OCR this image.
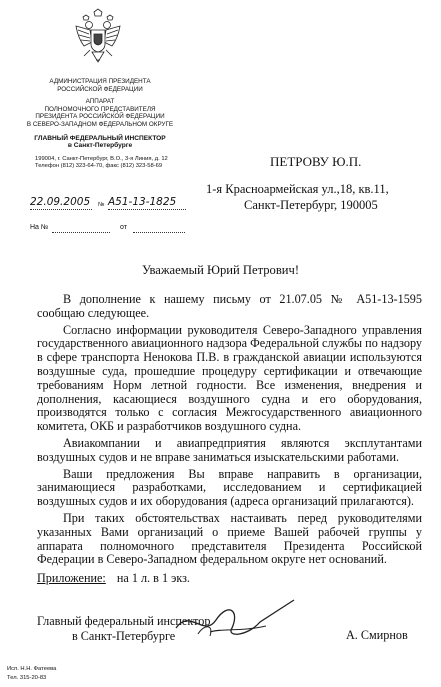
АДМИНИСТРАЦИЯ ПРЕЗИДЕНТА
РОССИЙСКОЙ ФЕДЕРАЦИИ
АППАРАТ
ПОЛНОМОЧНОГО ПРЕДСТАВИТЕЛЯ
ПРЕЗИДЕНТА РОССИЙСКОЙ ФЕДЕРАЦИИ
В СЕВЕРО-ЗАПАДНОМ ФЕДЕРАЛЬНОМ ОКРУГЕ
ГЛАВНЫЙ ФЕДЕРАЛЬНЫЙ ИНСПЕКТОР
в Санкт-Петербурге
199004, г. Санкт-Петербург, В.О., 3-я Линия, д. 12
Телефон (812) 323-64-70, факс (812) 323-58-69
22.09.2005 А51-13-1825
№
На №	от
ПЕТРОВУ Ю.П.
1-я Красноармейская ул.,18, кв.11,
Санкт-Петербург, 190005
Уважаемый Юрий Петрович!

В дополнение к нашему письму от 21.07.05 № А51-13-1595 сообщаю следующее.

Согласно информации руководителя Северо-Западного управления государственного авиационного надзора Федеральной службы по надзору в сфере транспорта Ненокова П.В. в гражданской авиации используются воздушные суда, прошедшие процедуру сертификации и отвечающие требованиям Норм летной годности. Все изменения, внедрения и дополнения, касающиеся воздушного судна и его оборудования, производятся только с согласия Межгосударственного авиационного комитета, ОКБ и разработчиков воздушного судна.

Авиакомпании и авиапредприятия являются эксплутантами воздушных судов и не вправе заниматься изыскательскими работами.

Ваши предложения Вы вправе направить в организации, занимающиеся разработками, исследованием и сертификацией воздушных судов и их оборудования (адреса организаций прилагаются).

При таких обстоятельствах настаивать перед руководителями указанных Вами организаций о приеме Вашей рабочей группы у аппарата полномочного представителя Президента Российской Федерации в Северо-Западном федеральном округе нет оснований.

Приложение: на 1 л. в 1 экз.
Главный федеральный инспектор
в Санкт-Петербурге	А. Смирнов
Исп. Н.Н. Фатеева
Тел. 315-20-83
